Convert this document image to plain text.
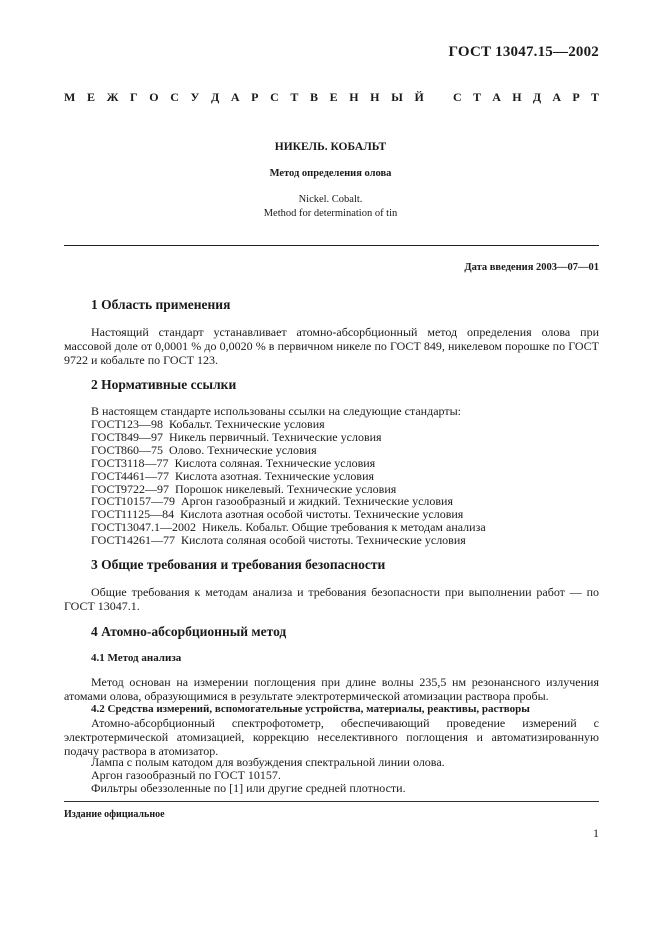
ГОСТ 13047.15—2002
М Е Ж Г О С У Д А Р С Т В Е Н Н Ы Й С Т А Н Д А Р Т
НИКЕЛЬ. КОБАЛЬТ
Метод определения олова
Nickel. Cobalt.
Method for determination of tin
Дата введения 2003—07—01
1 Область применения
Настоящий стандарт устанавливает атомно-абсорбционный метод определения олова при массовой доле от 0,0001 % до 0,0020 % в первичном никеле по ГОСТ 849, никелевом порошке по ГОСТ 9722 и кобальте по ГОСТ 123.
2 Нормативные ссылки
В настоящем стандарте использованы ссылки на следующие стандарты:
ГОСТ 123—98 Кобальт. Технические условия
ГОСТ 849—97 Никель первичный. Технические условия
ГОСТ 860—75 Олово. Технические условия
ГОСТ 3118—77 Кислота соляная. Технические условия
ГОСТ 4461—77 Кислота азотная. Технические условия
ГОСТ 9722—97 Порошок никелевый. Технические условия
ГОСТ 10157—79 Аргон газообразный и жидкий. Технические условия
ГОСТ 11125—84 Кислота азотная особой чистоты. Технические условия
ГОСТ 13047.1—2002 Никель. Кобальт. Общие требования к методам анализа
ГОСТ 14261—77 Кислота соляная особой чистоты. Технические условия
3 Общие требования и требования безопасности
Общие требования к методам анализа и требования безопасности при выполнении работ — по ГОСТ 13047.1.
4 Атомно-абсорбционный метод
4.1 Метод анализа
Метод основан на измерении поглощения при длине волны 235,5 нм резонансного излучения атомами олова, образующимися в результате электротермической атомизации раствора пробы.
4.2 Средства измерений, вспомогательные устройства, материалы, реактивы, растворы
Атомно-абсорбционный спектрофотометр, обеспечивающий проведение измерений с электротермической атомизацией, коррекцию неселективного поглощения и автоматизированную подачу раствора в атомизатор.
Лампа с полым катодом для возбуждения спектральной линии олова.
Аргон газообразный по ГОСТ 10157.
Фильтры обеззоленные по [1] или другие средней плотности.
Издание официальное
1
